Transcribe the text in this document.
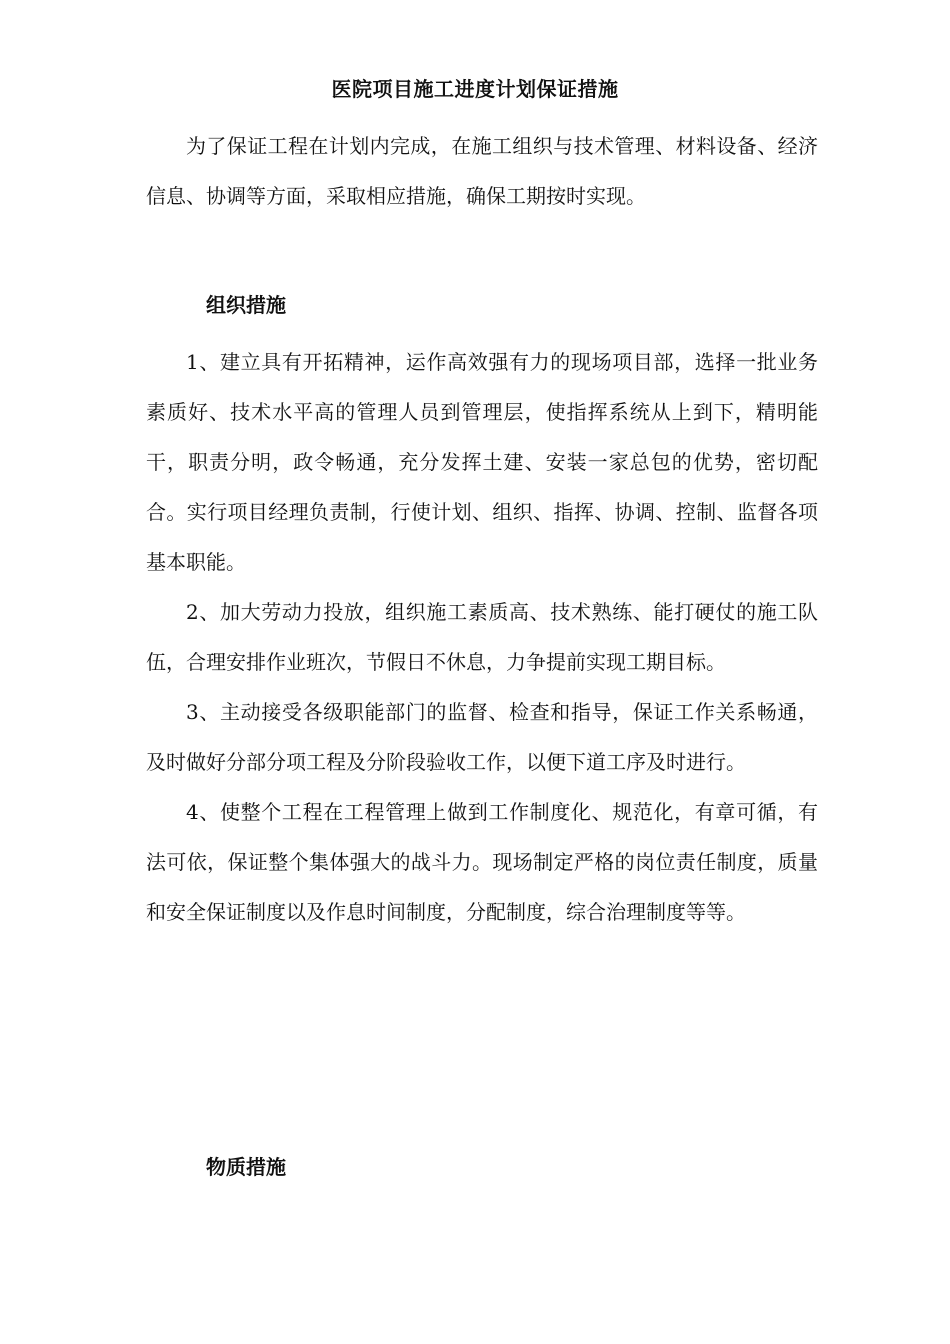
医院项目施工进度计划保证措施

为了保证工程在计划内完成，在施工组织与技术管理、材料设备、经济信息、协调等方面，采取相应措施，确保工期按时实现。

组织措施

1、建立具有开拓精神，运作高效强有力的现场项目部，选择一批业务素质好、技术水平高的管理人员到管理层，使指挥系统从上到下，精明能干，职责分明，政令畅通，充分发挥土建、安装一家总包的优势，密切配合。实行项目经理负责制，行使计划、组织、指挥、协调、控制、监督各项基本职能。

2、加大劳动力投放，组织施工素质高、技术熟练、能打硬仗的施工队伍，合理安排作业班次，节假日不休息，力争提前实现工期目标。

3、主动接受各级职能部门的监督、检查和指导，保证工作关系畅通，及时做好分部分项工程及分阶段验收工作，以便下道工序及时进行。

4、使整个工程在工程管理上做到工作制度化、规范化，有章可循，有法可依，保证整个集体强大的战斗力。现场制定严格的岗位责任制度，质量和安全保证制度以及作息时间制度，分配制度，综合治理制度等等。

物质措施
